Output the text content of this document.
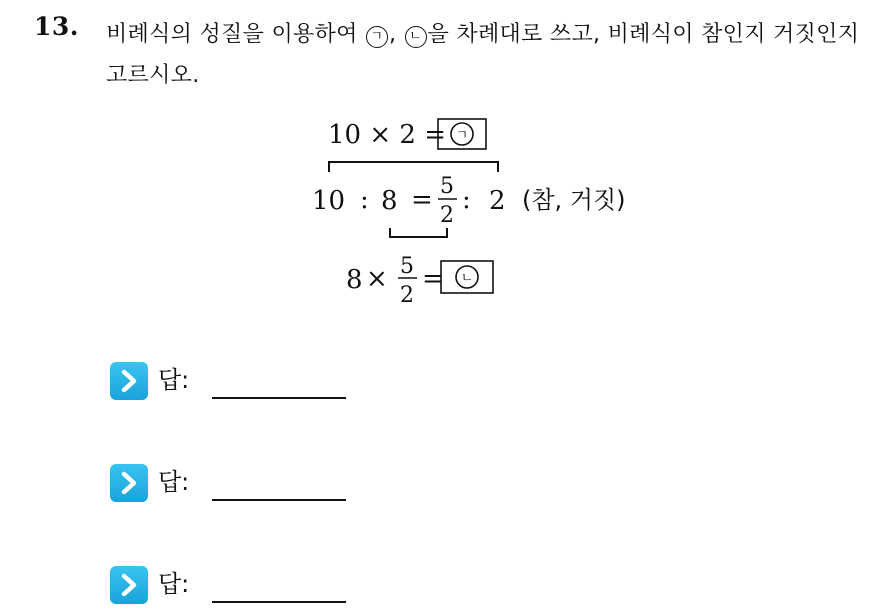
13. 비례식의 성질을 이용하여 ㄱ , ㄴ 을 차례대로 쓰고, 비례식이 참인지 거짓인지 고르시오.
10 × 2 = ㄱ
10 : 8 = 5
2
: 2 (참, 거짓)
8 × 5
2
= ㄴ
답:
답:
답:
